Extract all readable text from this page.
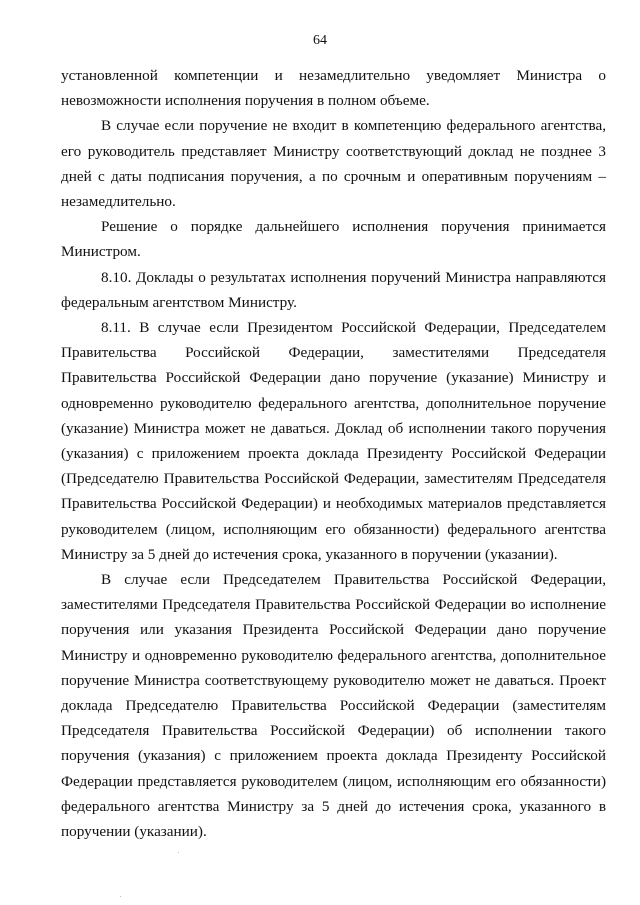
64

установленной компетенции и незамедлительно уведомляет Министра о невозможности исполнения поручения в полном объеме.

В случае если поручение не входит в компетенцию федерального агентства, его руководитель представляет Министру соответствующий доклад не позднее 3 дней с даты подписания поручения, а по срочным и оперативным поручениям – незамедлительно.

Решение о порядке дальнейшего исполнения поручения принимается Министром.

8.10. Доклады о результатах исполнения поручений Министра направляются федеральным агентством Министру.

8.11. В случае если Президентом Российской Федерации, Председателем Правительства Российской Федерации, заместителями Председателя Правительства Российской Федерации дано поручение (указание) Министру и одновременно руководителю федерального агентства, дополнительное поручение (указание) Министра может не даваться. Доклад об исполнении такого поручения (указания) с приложением проекта доклада Президенту Российской Федерации (Председателю Правительства Российской Федерации, заместителям Председателя Правительства Российской Федерации) и необходимых материалов представляется руководителем (лицом, исполняющим его обязанности) федерального агентства Министру за 5 дней до истечения срока, указанного в поручении (указании).

В случае если Председателем Правительства Российской Федерации, заместителями Председателя Правительства Российской Федерации во исполнение поручения или указания Президента Российской Федерации дано поручение Министру и одновременно руководителю федерального агентства, дополнительное поручение Министра соответствующему руководителю может не даваться. Проект доклада Председателю Правительства Российской Федерации (заместителям Председателя Правительства Российской Федерации) об исполнении такого поручения (указания) с приложением проекта доклада Президенту Российской Федерации представляется руководителем (лицом, исполняющим его обязанности) федерального агентства Министру за 5 дней до истечения срока, указанного в поручении (указании).
